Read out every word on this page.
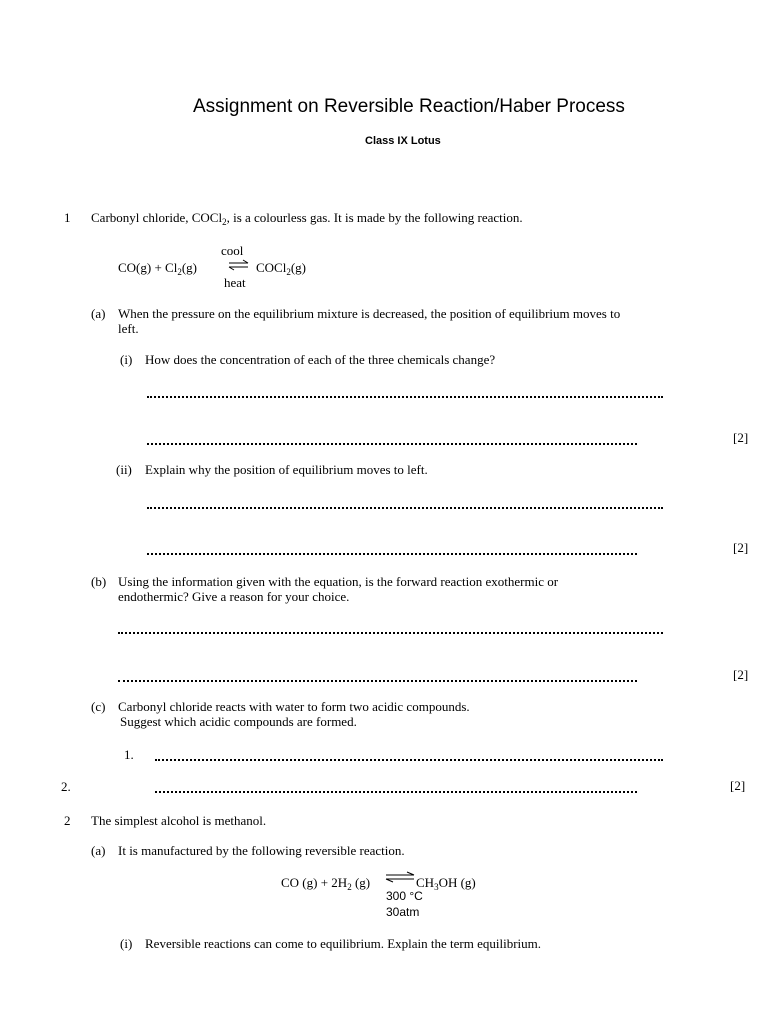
Assignment on Reversible Reaction/Haber Process
Class IX Lotus
1 Carbonyl chloride, COCl$_2$, is a colourless gas. It is made by the following reaction.
cool
$CO(g) + Cl_2(g)$ ⇌ COCl$_2$(g)
heat
(a) When the pressure on the equilibrium mixture is decreased, the position of equilibrium moves to
left.
(i) How does the concentration of each of the three chemicals change?
[2]
(ii) Explain why the position of equilibrium moves to left.
[2]
(b) Using the information given with the equation, is the forward reaction exothermic or
endothermic? Give a reason for your choice.
[2]
(c) Carbonyl chloride reacts with water to form two acidic compounds.
Suggest which acidic compounds are formed.
1.
2.	[2]
2 The simplest alcohol is methanol.
(a) It is manufactured by the following reversible reaction.
CO $(g) + 2H_2$ (g) ⇌ $CH_3OH$ (g)
300 °C
30atm
(i) Reversible reactions can come to equilibrium. Explain the term equilibrium.
